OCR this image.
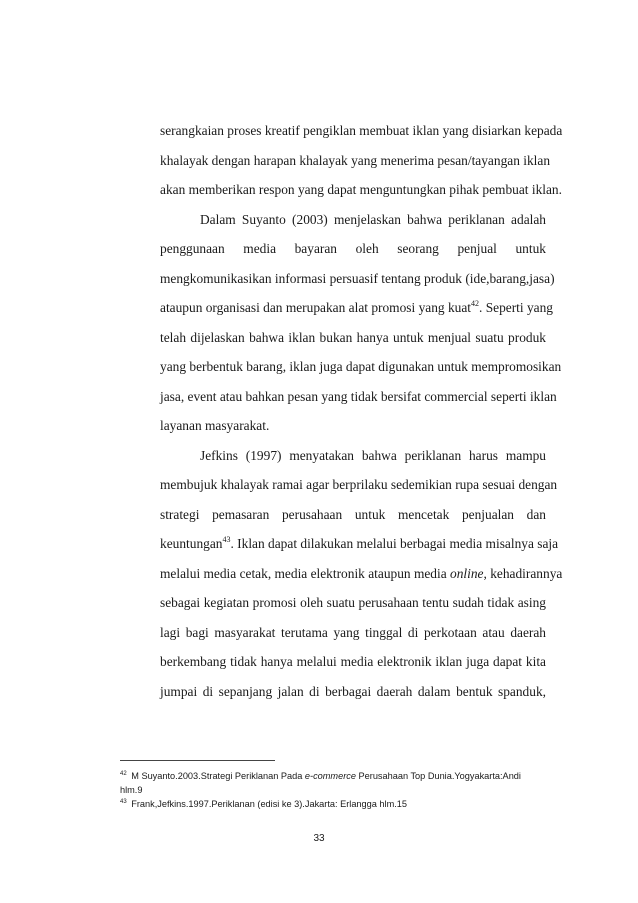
serangkaian proses kreatif pengiklan membuat iklan yang disiarkan kepada
khalayak dengan harapan khalayak yang menerima pesan/tayangan iklan
akan memberikan respon yang dapat menguntungkan pihak pembuat iklan.
Dalam Suyanto (2003) menjelaskan bahwa periklanan adalah
penggunaan media bayaran oleh seorang penjual untuk
mengkomunikasikan informasi persuasif tentang produk (ide,barang,jasa)
ataupun organisasi dan merupakan alat promosi yang kuat$^{42}$. Seperti yang
telah dijelaskan bahwa iklan bukan hanya untuk menjual suatu produk
yang berbentuk barang, iklan juga dapat digunakan untuk mempromosikan
jasa, event atau bahkan pesan yang tidak bersifat commercial seperti iklan
layanan masyarakat.
Jefkins (1997) menyatakan bahwa periklanan harus mampu
membujuk khalayak ramai agar berprilaku sedemikian rupa sesuai dengan
strategi pemasaran perusahaan untuk mencetak penjualan dan
keuntungan$^{43}$. Iklan dapat dilakukan melalui berbagai media misalnya saja
melalui media cetak, media elektronik ataupun media online, kehadirannya
sebagai kegiatan promosi oleh suatu perusahaan tentu sudah tidak asing
lagi bagi masyarakat terutama yang tinggal di perkotaan atau daerah
berkembang tidak hanya melalui media elektronik iklan juga dapat kita
jumpai di sepanjang jalan di berbagai daerah dalam bentuk spanduk,
$^{42}$ M Suyanto.2003.Strategi Periklanan Pada e-commerce Perusahaan Top Dunia.Yogyakarta:Andi
hlm.9
$^{43}$ Frank,Jefkins.1997.Periklanan (edisi ke 3).Jakarta: Erlangga hlm.15
33
